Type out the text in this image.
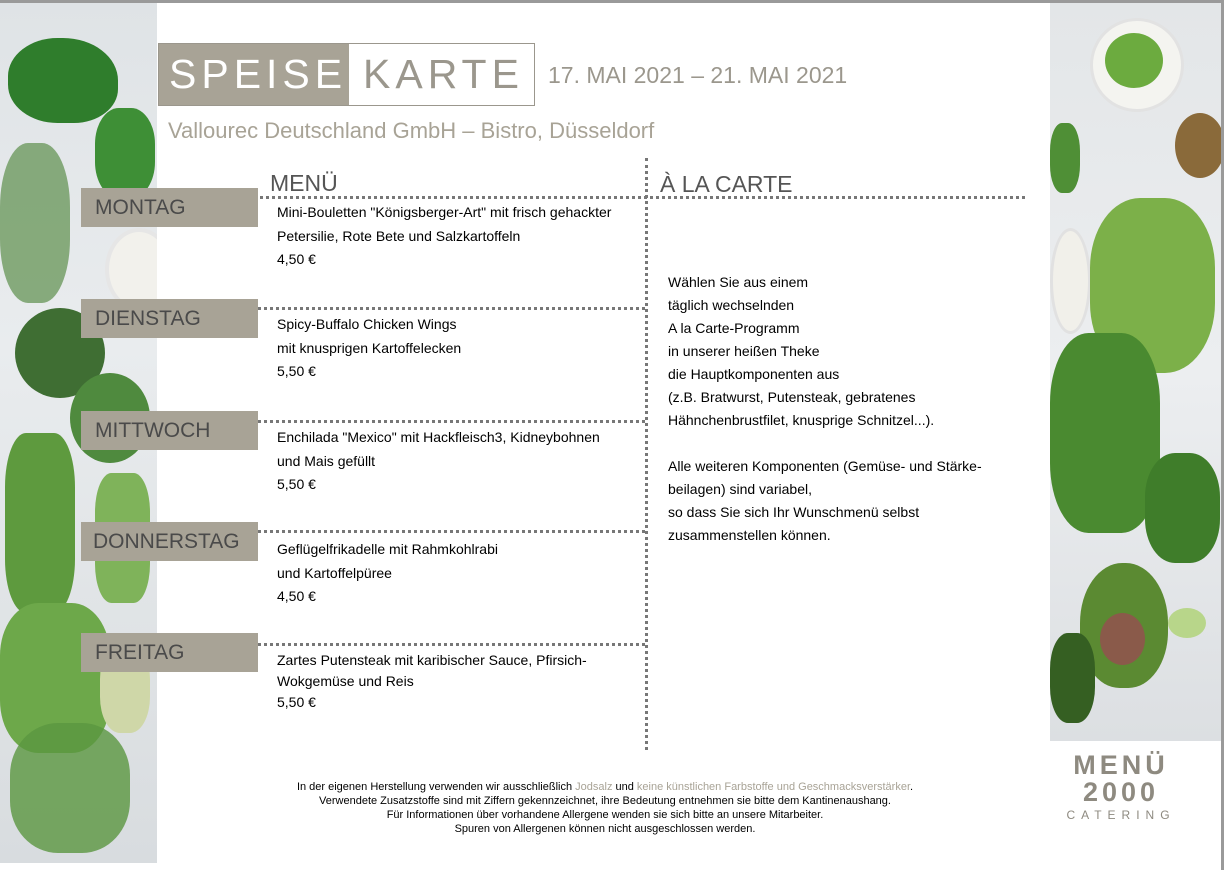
SPEISE KARTE	17. MAI 2021 – 21. MAI 2021
Vallourec Deutschland GmbH – Bistro, Düsseldorf
MENÜ	À LA CARTE
MONTAG
DIENSTAG
MITTWOCH
DONNERSTAG
FREITAG
Mini-Bouletten "Königsberger-Art" mit frisch gehackter
Petersilie, Rote Bete und Salzkartoffeln
4,50 €
Spicy-Buffalo Chicken Wings
mit knusprigen Kartoffelecken
5,50 €
Enchilada "Mexico" mit Hackfleisch3, Kidneybohnen
und Mais gefüllt
5,50 €
Geflügelfrikadelle mit Rahmkohlrabi
und Kartoffelpüree
4,50 €
Zartes Putensteak mit karibischer Sauce, Pfirsich-
Wokgemüse und Reis
5,50 €

Wählen Sie aus einem
täglich wechselnden
A la Carte-Programm
in unserer heißen Theke
die Hauptkomponenten aus
(z.B. Bratwurst, Putensteak, gebratenes
Hähnchenbrustfilet, knusprige Schnitzel...).

Alle weiteren Komponenten (Gemüse- und Stärke-
beilagen) sind variabel,
so dass Sie sich Ihr Wunschmenü selbst
zusammenstellen können.

In der eigenen Herstellung verwenden wir ausschließlich Jodsalz und keine künstlichen Farbstoffe und Geschmacksverstärker.
Verwendete Zusatzstoffe sind mit Ziffern gekennzeichnet, ihre Bedeutung entnehmen sie bitte dem Kantinenaushang.
Für Informationen über vorhandene Allergene wenden sie sich bitte an unsere Mitarbeiter.
Spuren von Allergenen können nicht ausgeschlossen werden.
MENÜ
2000
CATERING
